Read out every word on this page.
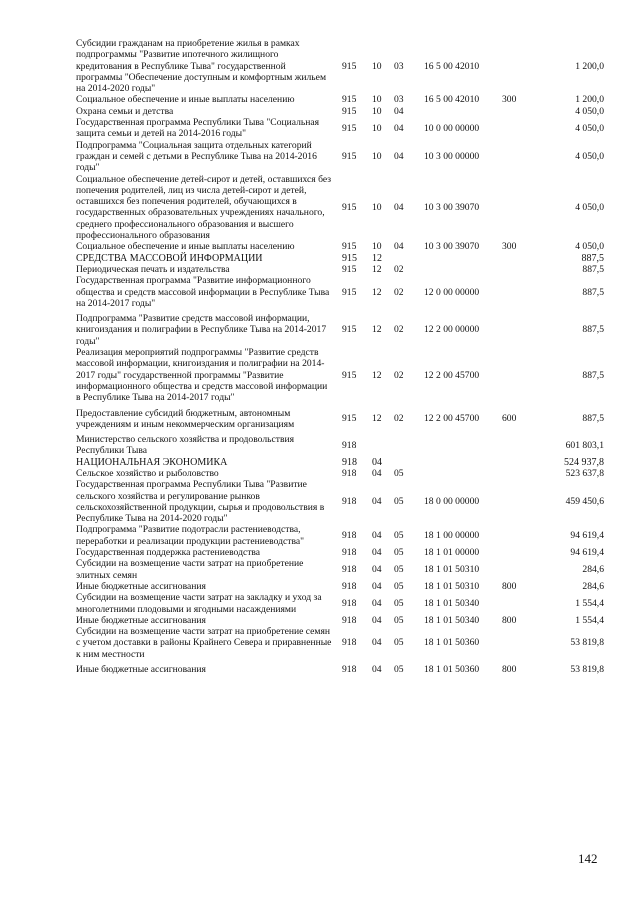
Субсидии гражданам на приобретение жилья в рамках подпрограммы "Развитие ипотечного жилищного кредитования в Республике Тыва" государственной программы "Обеспечение доступным и комфортным жильем на 2014-2020 годы"	915	10	03	16 5 00 42010		1 200,0
Социальное обеспечение и иные выплаты населению	915	10	03	16 5 00 42010	300	1 200,0
Охрана семьи и детства	915	10	04			4 050,0
Государственная программа Республики Тыва "Социальная защита семьи и детей на 2014-2016 годы"	915	10	04	10 0 00 00000		4 050,0
Подпрограмма "Социальная защита отдельных категорий граждан и семей с детьми в Республике Тыва на 2014-2016 годы"	915	10	04	10 3 00 00000		4 050,0
Социальное обеспечение детей-сирот и детей, оставшихся без попечения родителей, лиц из числа детей-сирот и детей, оставшихся без попечения родителей, обучающихся в государственных образовательных учреждениях начального, среднего профессионального образования и высшего профессионального образования	915	10	04	10 3 00 39070		4 050,0
Социальное обеспечение и иные выплаты населению	915	10	04	10 3 00 39070	300	4 050,0
СРЕДСТВА МАССОВОЙ ИНФОРМАЦИИ	915	12				887,5
Периодическая печать и издательства	915	12	02			887,5
Государственная программа "Развитие информационного общества и средств массовой информации в Республике Тыва на 2014-2017 годы"	915	12	02	12 0 00 00000		887,5
Подпрограмма "Развитие средств массовой информации, книгоиздания и полиграфии в Республике Тыва на 2014-2017 годы"	915	12	02	12 2 00 00000		887,5
Реализация мероприятий подпрограммы "Развитие средств массовой информации, книгоиздания и полиграфии на 2014-2017 годы" государственной программы "Развитие информационного общества и средств массовой информации в Республике Тыва на 2014-2017 годы"	915	12	02	12 2 00 45700		887,5
Предоставление субсидий бюджетным, автономным учреждениям и иным некоммерческим организациям	915	12	02	12 2 00 45700	600	887,5
Министерство сельского хозяйства и продовольствия Республики Тыва	918					601 803,1
НАЦИОНАЛЬНАЯ ЭКОНОМИКА	918	04				524 937,8
Сельское хозяйство и рыболовство	918	04	05			523 637,8
Государственная программа Республики Тыва "Развитие сельского хозяйства и регулирование рынков сельскохозяйственной продукции, сырья и продовольствия в Республике Тыва на 2014-2020 годы"	918	04	05	18 0 00 00000		459 450,6
Подпрограмма "Развитие подотрасли растениеводства, переработки и реализации продукции растениеводства"	918	04	05	18 1 00 00000		94 619,4
Государственная поддержка растениеводства	918	04	05	18 1 01 00000		94 619,4
Субсидии на возмещение части затрат на приобретение элитных семян	918	04	05	18 1 01 50310		284,6
Иные бюджетные ассигнования	918	04	05	18 1 01 50310	800	284,6
Субсидии на возмещение части затрат на закладку и уход за многолетними плодовыми и ягодными насаждениями	918	04	05	18 1 01 50340		1 554,4
Иные бюджетные ассигнования	918	04	05	18 1 01 50340	800	1 554,4
Субсидии на возмещение части затрат на приобретение семян с учетом доставки в районы Крайнего Севера и приравненные к ним местности	918	04	05	18 1 01 50360		53 819,8
Иные бюджетные ассигнования	918	04	05	18 1 01 50360	800	53 819,8
142
